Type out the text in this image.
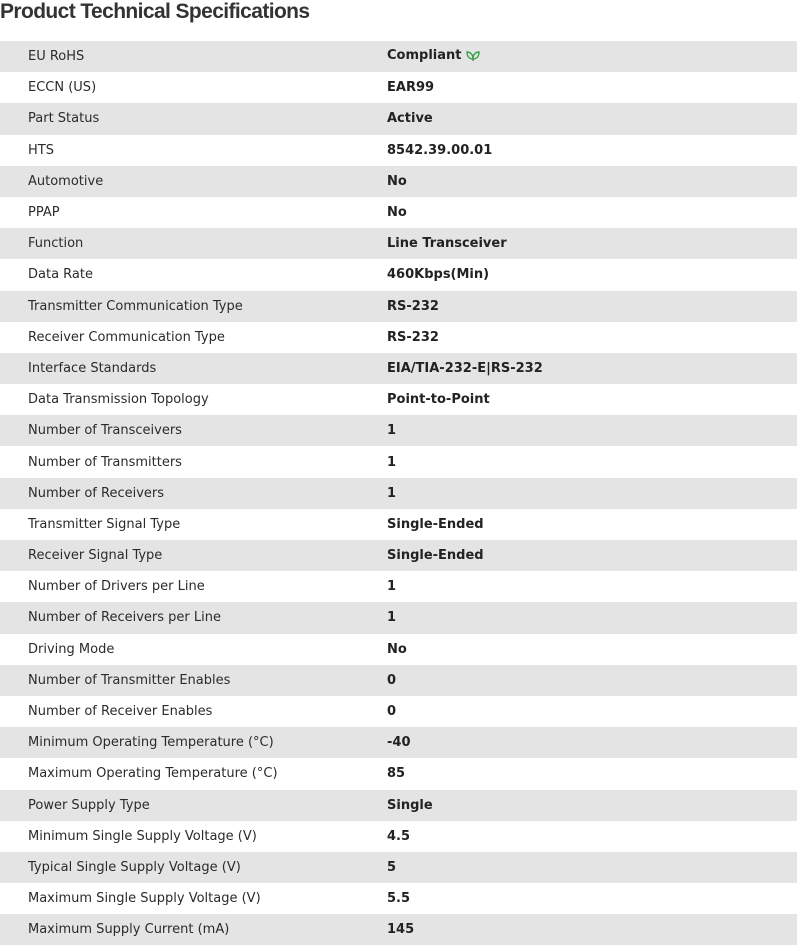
Product Technical Specifications
EU RoHS	Compliant
ECCN (US)	EAR99
Part Status	Active
HTS	8542.39.00.01
Automotive	No
PPAP	No
Function	Line Transceiver
Data Rate	460Kbps(Min)
Transmitter Communication Type	RS-232
Receiver Communication Type	RS-232
Interface Standards	EIA/TIA-232-E|RS-232
Data Transmission Topology	Point-to-Point
Number of Transceivers	1
Number of Transmitters	1
Number of Receivers	1
Transmitter Signal Type	Single-Ended
Receiver Signal Type	Single-Ended
Number of Drivers per Line	1
Number of Receivers per Line	1
Driving Mode	No
Number of Transmitter Enables	0
Number of Receiver Enables	0
Minimum Operating Temperature (°C)	-40
Maximum Operating Temperature (°C)	85
Power Supply Type	Single
Minimum Single Supply Voltage (V)	4.5
Typical Single Supply Voltage (V)	5
Maximum Single Supply Voltage (V)	5.5
Maximum Supply Current (mA)	145
